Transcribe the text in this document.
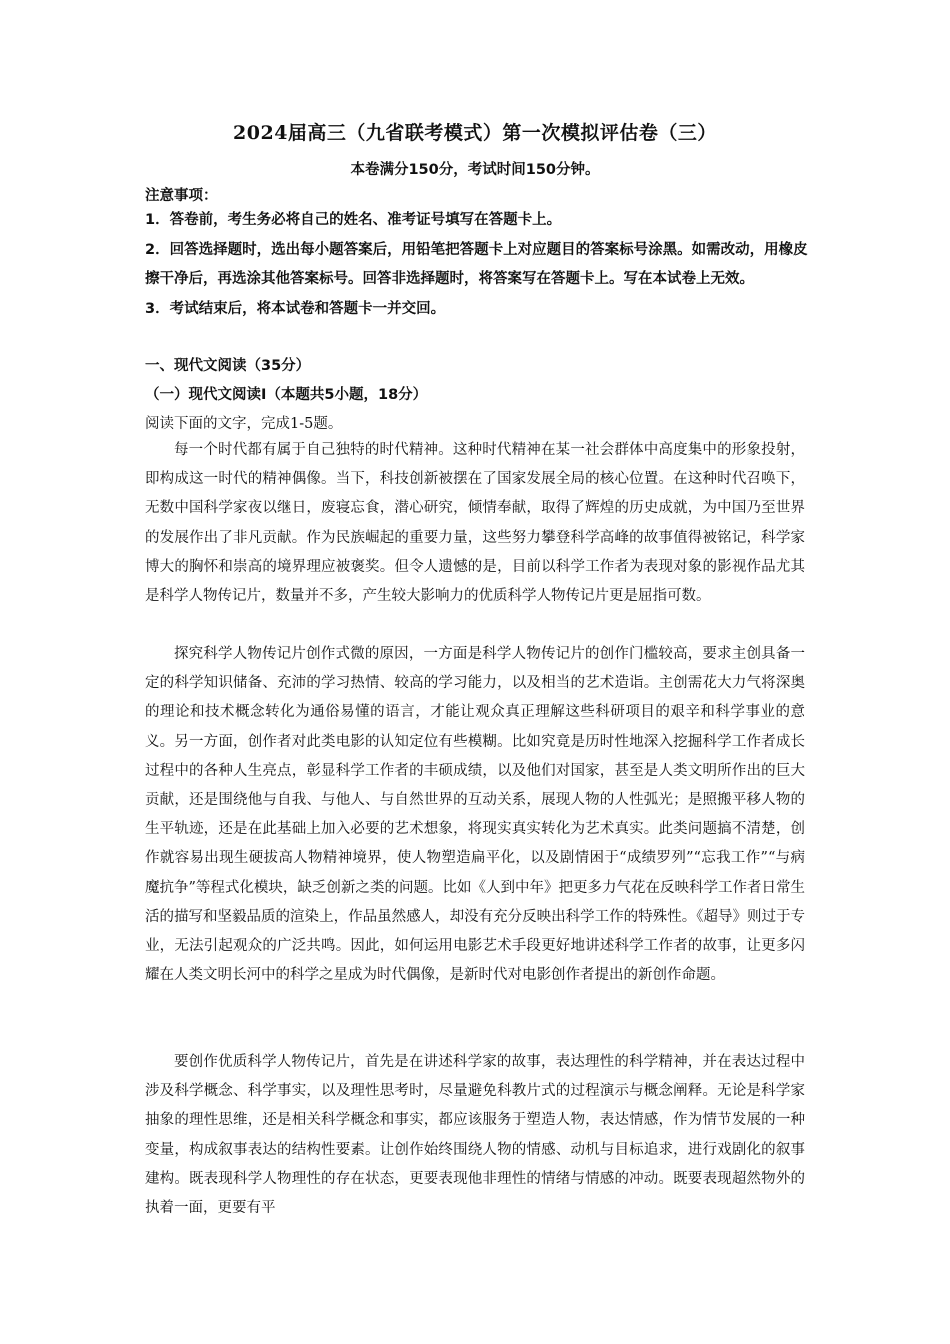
2024届高三（九省联考模式）第一次模拟评估卷（三）
本卷满分150分，考试时间150分钟。
注意事项：

1．答卷前，考生务必将自己的姓名、准考证号填写在答题卡上。

2．回答选择题时，选出每小题答案后，用铅笔把答题卡上对应题目的答案标号涂黑。如需改动，用橡皮擦干净后，再选涂其他答案标号。回答非选择题时，将答案写在答题卡上。写在本试卷上无效。

3．考试结束后，将本试卷和答题卡一并交回。

一、现代文阅读（35分）
（一）现代文阅读Ⅰ（本题共5小题，18分）
阅读下面的文字，完成1-5题。

每一个时代都有属于自己独特的时代精神。这种时代精神在某一社会群体中高度集中的形象投射，即构成这一时代的精神偶像。当下，科技创新被摆在了国家发展全局的核心位置。在这种时代召唤下，无数中国科学家夜以继日，废寝忘食，潜心研究，倾情奉献，取得了辉煌的历史成就，为中国乃至世界的发展作出了非凡贡献。作为民族崛起的重要力量，这些努力攀登科学高峰的故事值得被铭记，科学家博大的胸怀和崇高的境界理应被褒奖。但令人遗憾的是，目前以科学工作者为表现对象的影视作品尤其是科学人物传记片，数量并不多，产生较大影响力的优质科学人物传记片更是屈指可数。

探究科学人物传记片创作式微的原因，一方面是科学人物传记片的创作门槛较高，要求主创具备一定的科学知识储备、充沛的学习热情、较高的学习能力，以及相当的艺术造诣。主创需花大力气将深奥的理论和技术概念转化为通俗易懂的语言，才能让观众真正理解这些科研项目的艰辛和科学事业的意义。另一方面，创作者对此类电影的认知定位有些模糊。比如究竟是历时性地深入挖掘科学工作者成长过程中的各种人生亮点，彰显科学工作者的丰硕成绩，以及他们对国家，甚至是人类文明所作出的巨大贡献，还是围绕他与自我、与他人、与自然世界的互动关系，展现人物的人性弧光；是照搬平移人物的生平轨迹，还是在此基础上加入必要的艺术想象，将现实真实转化为艺术真实。此类问题搞不清楚，创作就容易出现生硬拔高人物精神境界，使人物塑造扁平化，以及剧情困于“成绩罗列”“忘我工作”“与病魔抗争”等程式化模块，缺乏创新之类的问题。比如《人到中年》把更多力气花在反映科学工作者日常生活的描写和坚毅品质的渲染上，作品虽然感人，却没有充分反映出科学工作的特殊性。《超导》则过于专业，无法引起观众的广泛共鸣。因此，如何运用电影艺术手段更好地讲述科学工作者的故事，让更多闪耀在人类文明长河中的科学之星成为时代偶像，是新时代对电影创作者提出的新创作命题。

要创作优质科学人物传记片，首先是在讲述科学家的故事，表达理性的科学精神，并在表达过程中涉及科学概念、科学事实，以及理性思考时，尽量避免科教片式的过程演示与概念阐释。无论是科学家抽象的理性思维，还是相关科学概念和事实，都应该服务于塑造人物，表达情感，作为情节发展的一种变量，构成叙事表达的结构性要素。让创作始终围绕人物的情感、动机与目标追求，进行戏剧化的叙事建构。既表现科学人物理性的存在状态，更要表现他非理性的情绪与情感的冲动。既要表现超然物外的执着一面，更要有平
